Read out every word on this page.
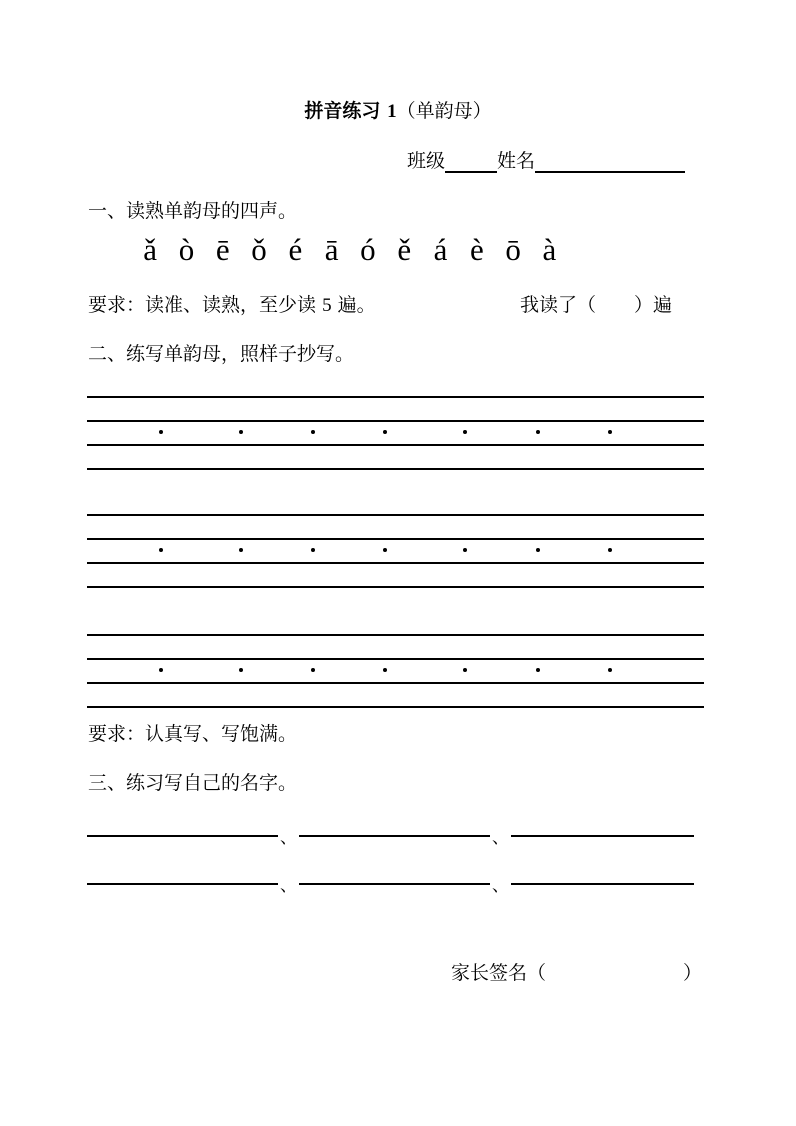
拼音练习 1（单韵母）
班级	姓名
一、读熟单韵母的四声。
ǎ ò ē ǒ é ā ó ě á è ō à
要求：读准、读熟，至少读 5 遍。	我读了（　　）遍
二、练写单韵母，照样子抄写。
要求：认真写、写饱满。
三、练习写自己的名字。
、	、
、	、
家长签名（	）
